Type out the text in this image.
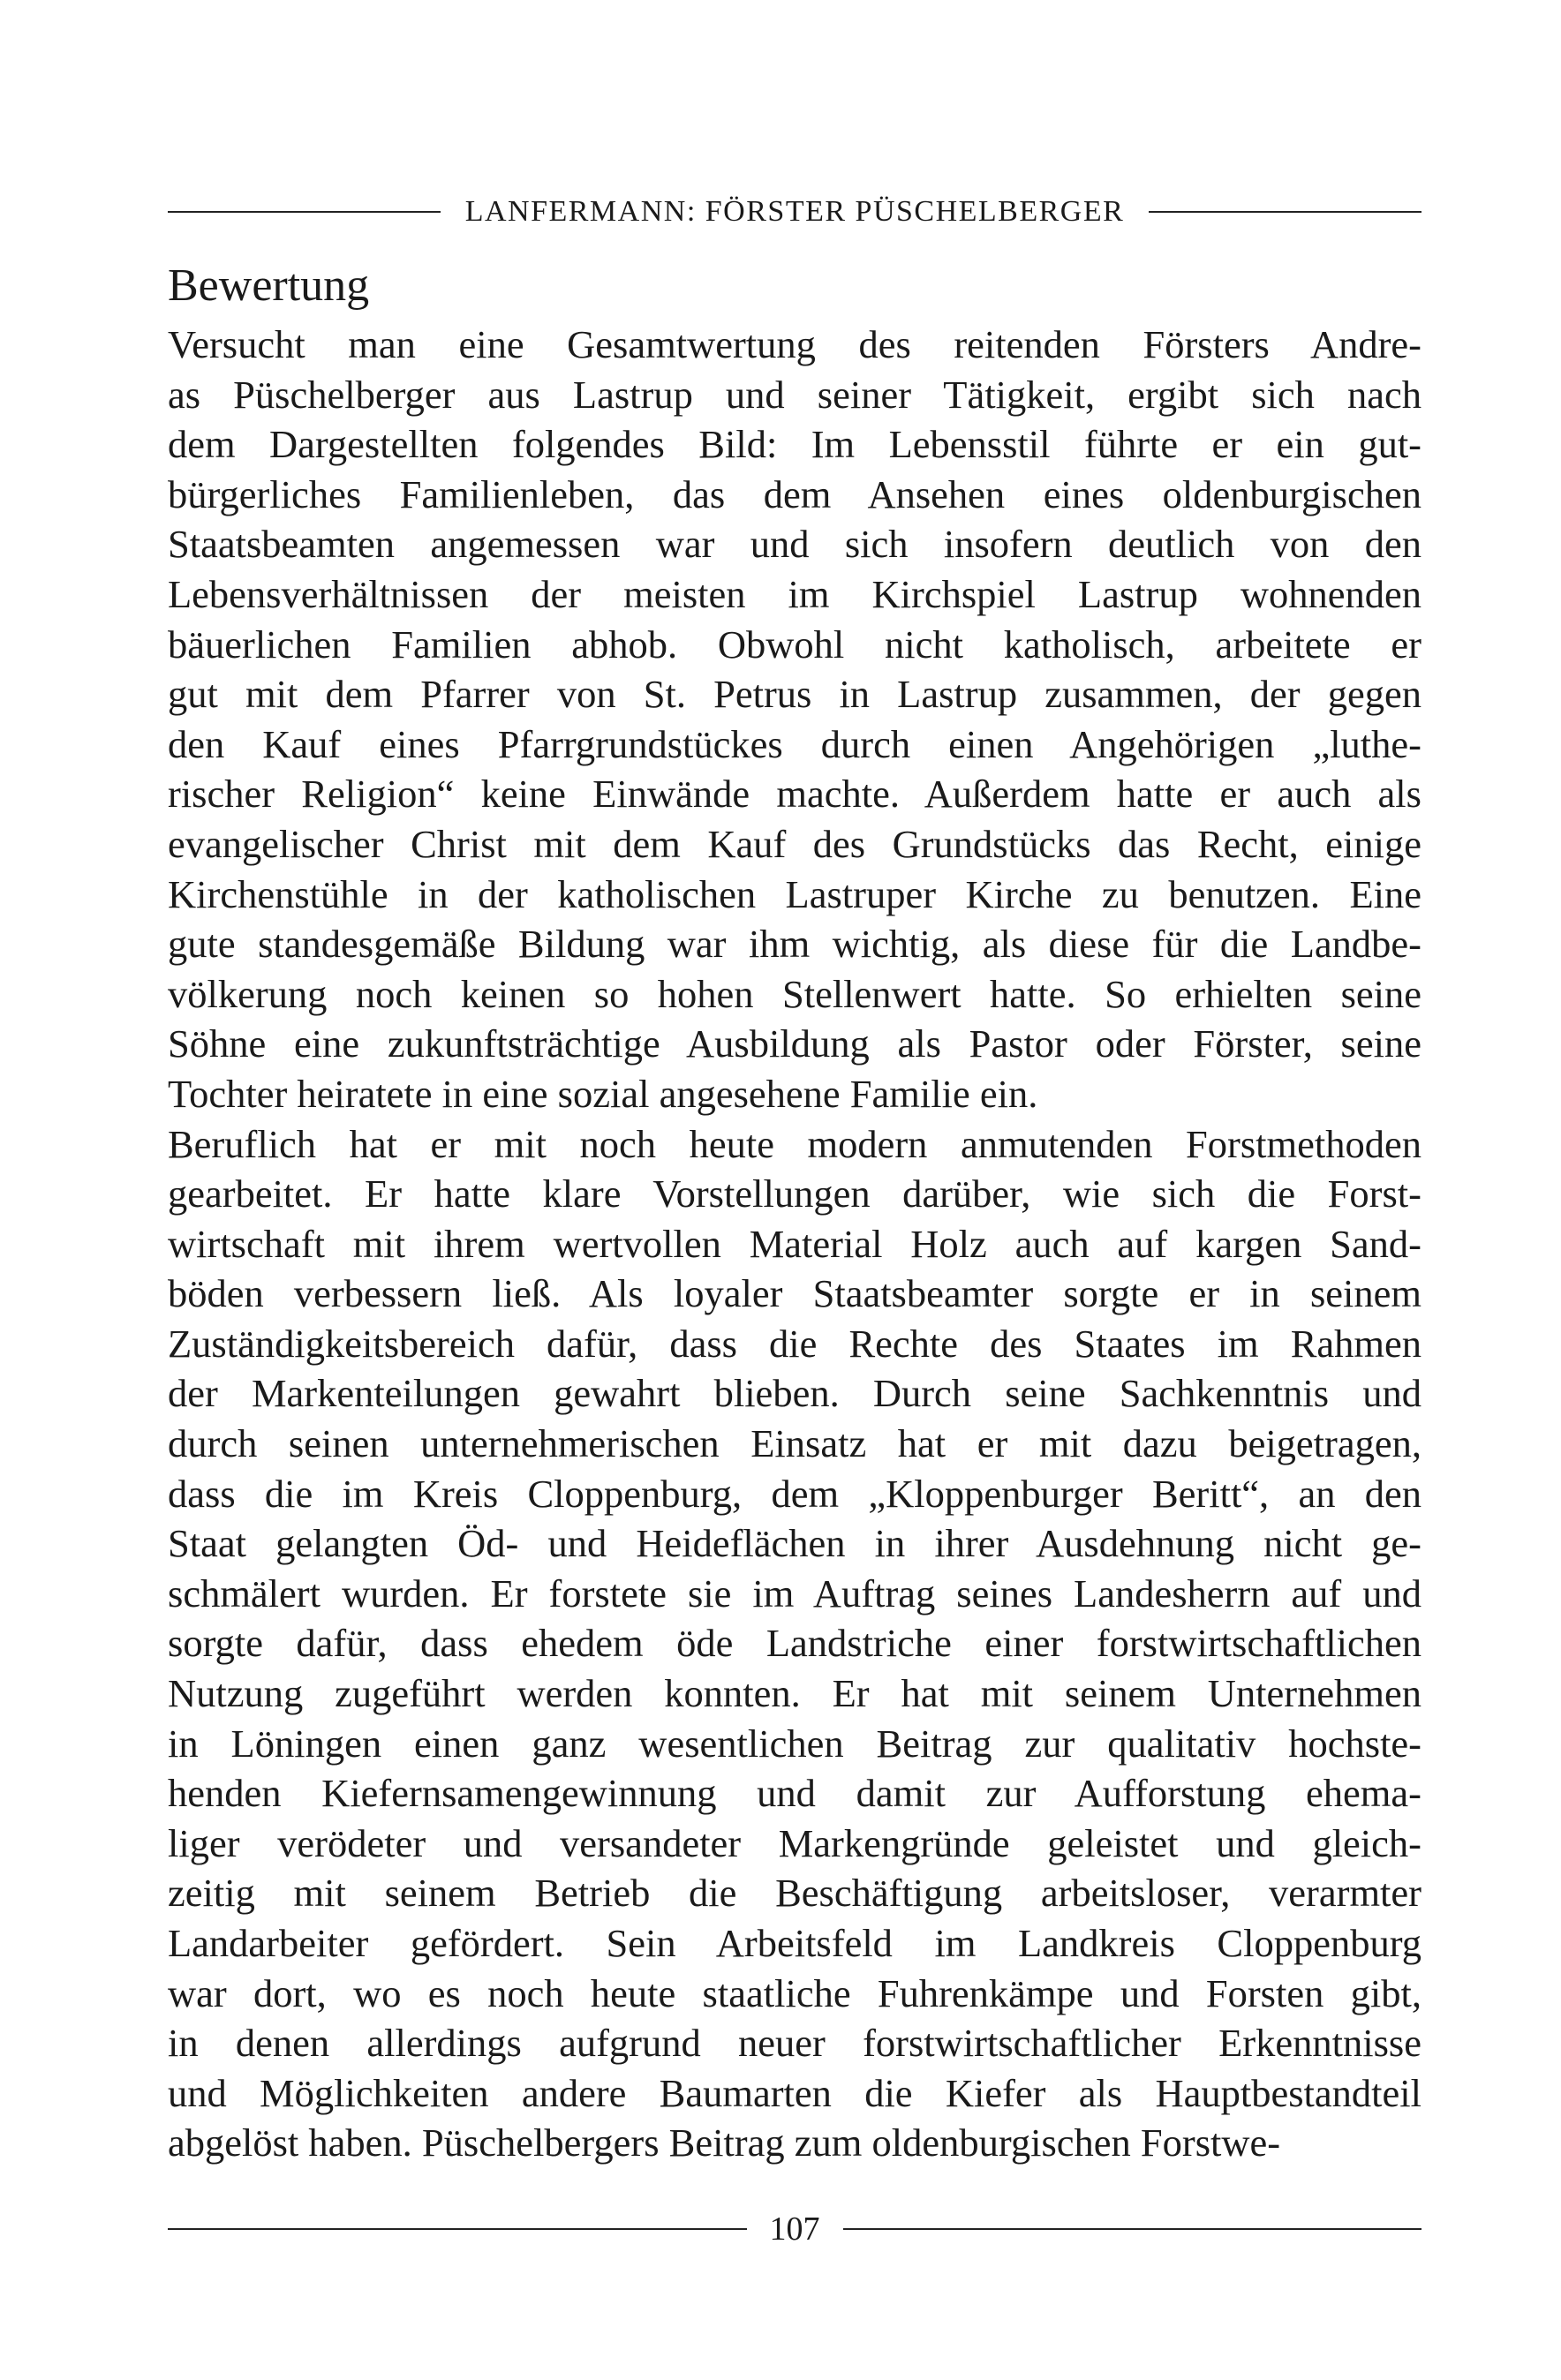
LANFERMANN: FÖRSTER PÜSCHELBERGER
Bewertung

Versucht man eine Gesamtwertung des reitenden Försters Andre-
as Püschelberger aus Lastrup und seiner Tätigkeit, ergibt sich nach
dem Dargestellten folgendes Bild: Im Lebensstil führte er ein gut-
bürgerliches Familienleben, das dem Ansehen eines oldenburgischen
Staatsbeamten angemessen war und sich insofern deutlich von den
Lebensverhältnissen der meisten im Kirchspiel Lastrup wohnenden
bäuerlichen Familien abhob. Obwohl nicht katholisch, arbeitete er
gut mit dem Pfarrer von St. Petrus in Lastrup zusammen, der gegen
den Kauf eines Pfarrgrundstückes durch einen Angehörigen „luthe-
rischer Religion“ keine Einwände machte. Außerdem hatte er auch als
evangelischer Christ mit dem Kauf des Grundstücks das Recht, einige
Kirchenstühle in der katholischen Lastruper Kirche zu benutzen. Eine
gute standesgemäße Bildung war ihm wichtig, als diese für die Landbe-
völkerung noch keinen so hohen Stellenwert hatte. So erhielten seine
Söhne eine zukunftsträchtige Ausbildung als Pastor oder Förster, seine
Tochter heiratete in eine sozial angesehene Familie ein.

Beruflich hat er mit noch heute modern anmutenden Forstmethoden
gearbeitet. Er hatte klare Vorstellungen darüber, wie sich die Forst-
wirtschaft mit ihrem wertvollen Material Holz auch auf kargen Sand-
böden verbessern ließ. Als loyaler Staatsbeamter sorgte er in seinem
Zuständigkeitsbereich dafür, dass die Rechte des Staates im Rahmen
der Markenteilungen gewahrt blieben. Durch seine Sachkenntnis und
durch seinen unternehmerischen Einsatz hat er mit dazu beigetragen,
dass die im Kreis Cloppenburg, dem „Kloppenburger Beritt“, an den
Staat gelangten Öd- und Heideflächen in ihrer Ausdehnung nicht ge-
schmälert wurden. Er forstete sie im Auftrag seines Landesherrn auf und
sorgte dafür, dass ehedem öde Landstriche einer forstwirtschaftlichen
Nutzung zugeführt werden konnten. Er hat mit seinem Unternehmen
in Löningen einen ganz wesentlichen Beitrag zur qualitativ hochste-
henden Kiefernsamengewinnung und damit zur Aufforstung ehema-
liger verödeter und versandeter Markengründe geleistet und gleich-
zeitig mit seinem Betrieb die Beschäftigung arbeitsloser, verarmter
Landarbeiter gefördert. Sein Arbeitsfeld im Landkreis Cloppenburg
war dort, wo es noch heute staatliche Fuhrenkämpe und Forsten gibt,
in denen allerdings aufgrund neuer forstwirtschaftlicher Erkenntnisse
und Möglichkeiten andere Baumarten die Kiefer als Hauptbestandteil
abgelöst haben. Püschelbergers Beitrag zum oldenburgischen Forstwe-

107
